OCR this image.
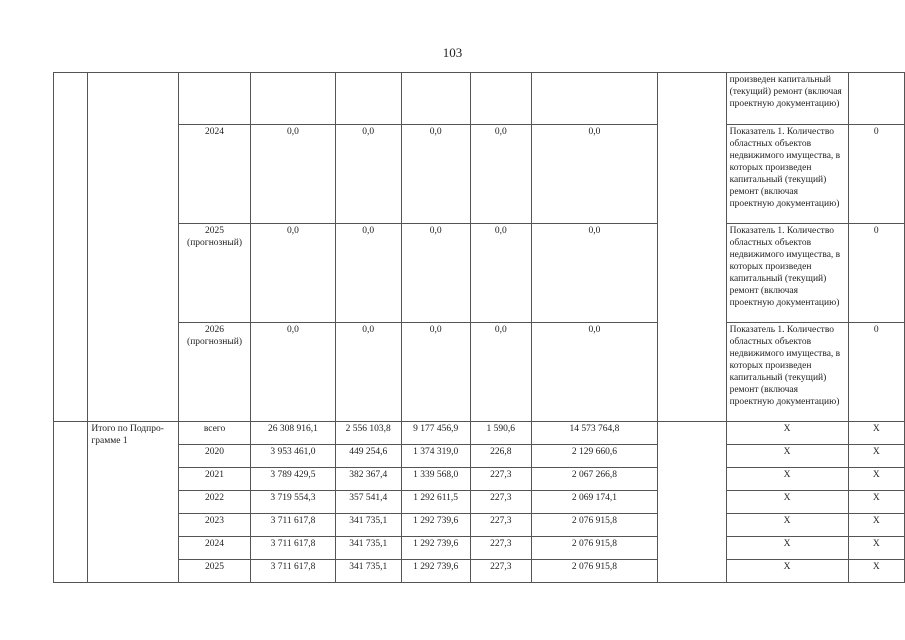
103
									произведен капитальный (текущий) ремонт (включая проектную документацию)	
		2024	0,0	0,0	0,0	0,0	0,0		Показатель 1. Количество областных объектов недвижимого имущества, в которых произведен капитальный (текущий) ремонт (включая проектную документацию)	0
		2025 (прогнозный)	0,0	0,0	0,0	0,0	0,0		Показатель 1. Количество областных объектов недвижимого имущества, в которых произведен капитальный (текущий) ремонт (включая проектную документацию)	0
		2026 (прогнозный)	0,0	0,0	0,0	0,0	0,0		Показатель 1. Количество областных объектов недвижимого имущества, в которых произведен капитальный (текущий) ремонт (включая проектную документацию)	0
	Итого по Подпро- грамме 1	всего	26 308 916,1	2 556 103,8	9 177 456,9	1 590,6	14 573 764,8		Х	Х
		2020	3 953 461,0	449 254,6	1 374 319,0	226,8	2 129 660,6		Х	Х
		2021	3 789 429,5	382 367,4	1 339 568,0	227,3	2 067 266,8		Х	Х
		2022	3 719 554,3	357 541,4	1 292 611,5	227,3	2 069 174,1		Х	Х
		2023	3 711 617,8	341 735,1	1 292 739,6	227,3	2 076 915,8		Х	Х
		2024	3 711 617,8	341 735,1	1 292 739,6	227,3	2 076 915,8		Х	Х
		2025	3 711 617,8	341 735,1	1 292 739,6	227,3	2 076 915,8		Х	Х
